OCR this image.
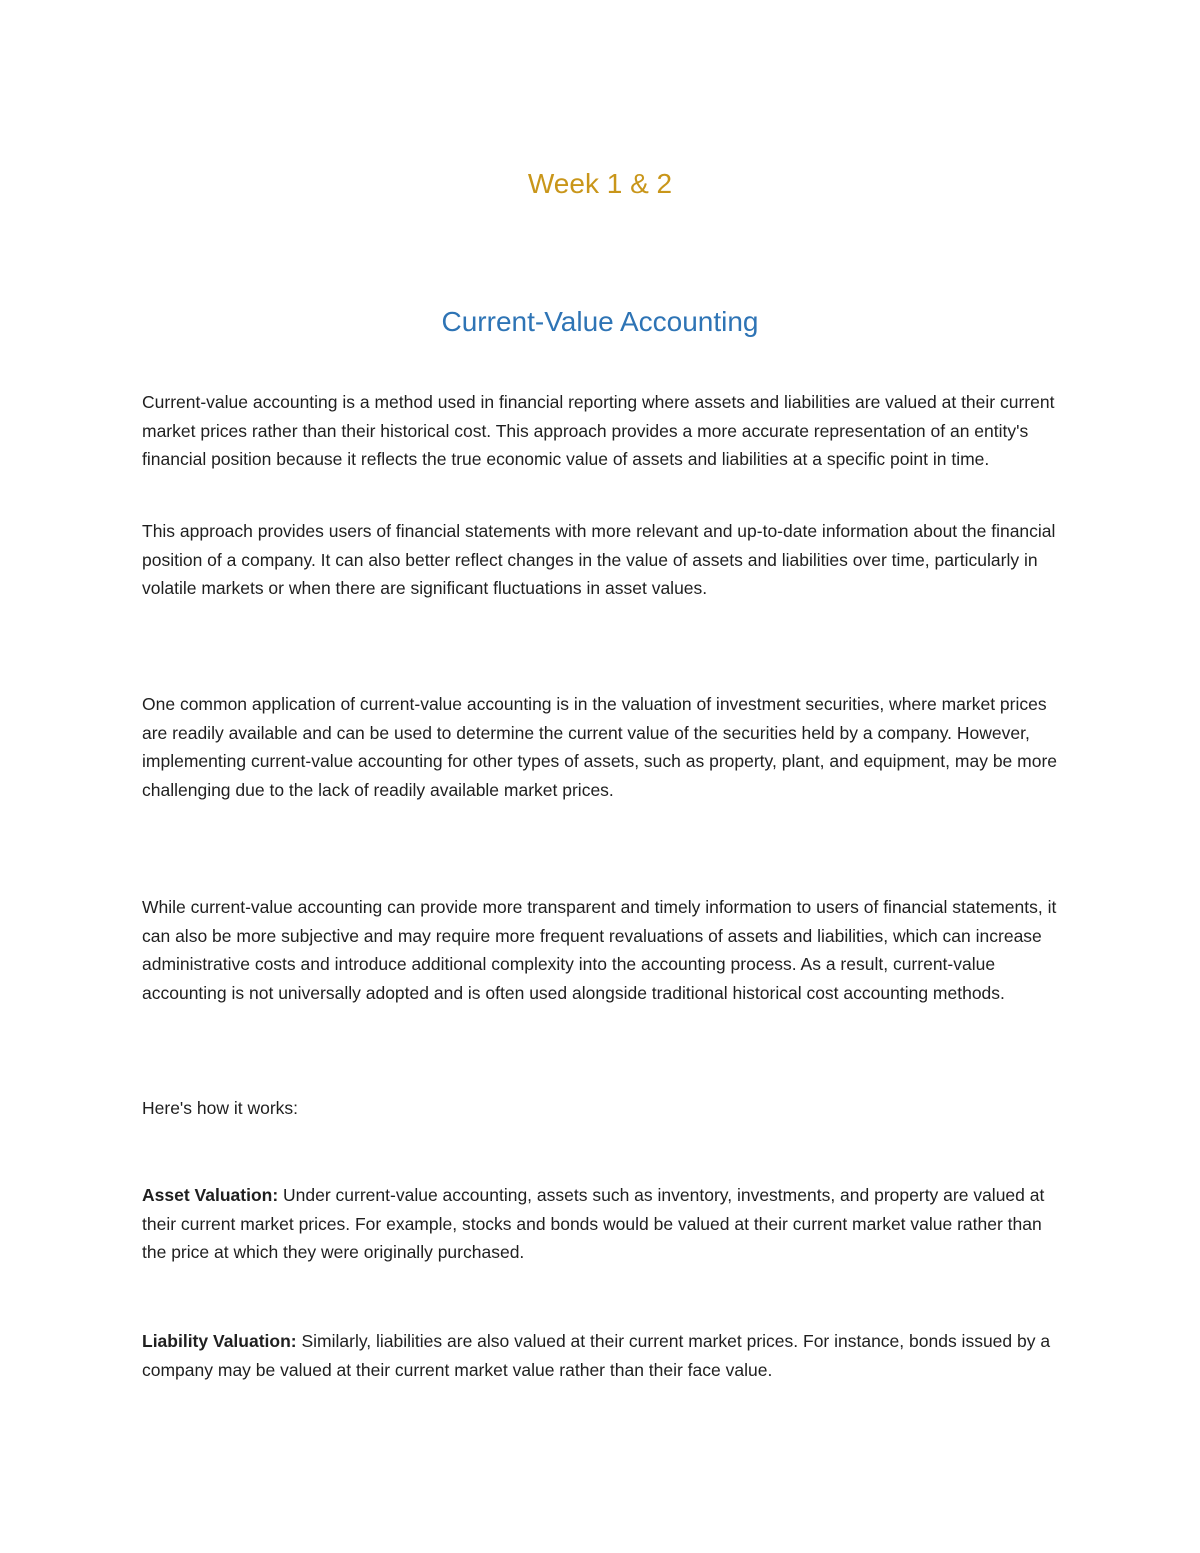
Week 1 & 2
Current-Value Accounting

Current-value accounting is a method used in financial reporting where assets and liabilities are valued at their current market prices rather than their historical cost. This approach provides a more accurate representation of an entity's financial position because it reflects the true economic value of assets and liabilities at a specific point in time.

This approach provides users of financial statements with more relevant and up-to-date information about the financial position of a company. It can also better reflect changes in the value of assets and liabilities over time, particularly in volatile markets or when there are significant fluctuations in asset values.

One common application of current-value accounting is in the valuation of investment securities, where market prices are readily available and can be used to determine the current value of the securities held by a company. However, implementing current-value accounting for other types of assets, such as property, plant, and equipment, may be more challenging due to the lack of readily available market prices.

While current-value accounting can provide more transparent and timely information to users of financial statements, it can also be more subjective and may require more frequent revaluations of assets and liabilities, which can increase administrative costs and introduce additional complexity into the accounting process. As a result, current-value accounting is not universally adopted and is often used alongside traditional historical cost accounting methods.

Here's how it works:

Asset Valuation: Under current-value accounting, assets such as inventory, investments, and property are valued at their current market prices. For example, stocks and bonds would be valued at their current market value rather than the price at which they were originally purchased.

Liability Valuation: Similarly, liabilities are also valued at their current market prices. For instance, bonds issued by a company may be valued at their current market value rather than their face value.
